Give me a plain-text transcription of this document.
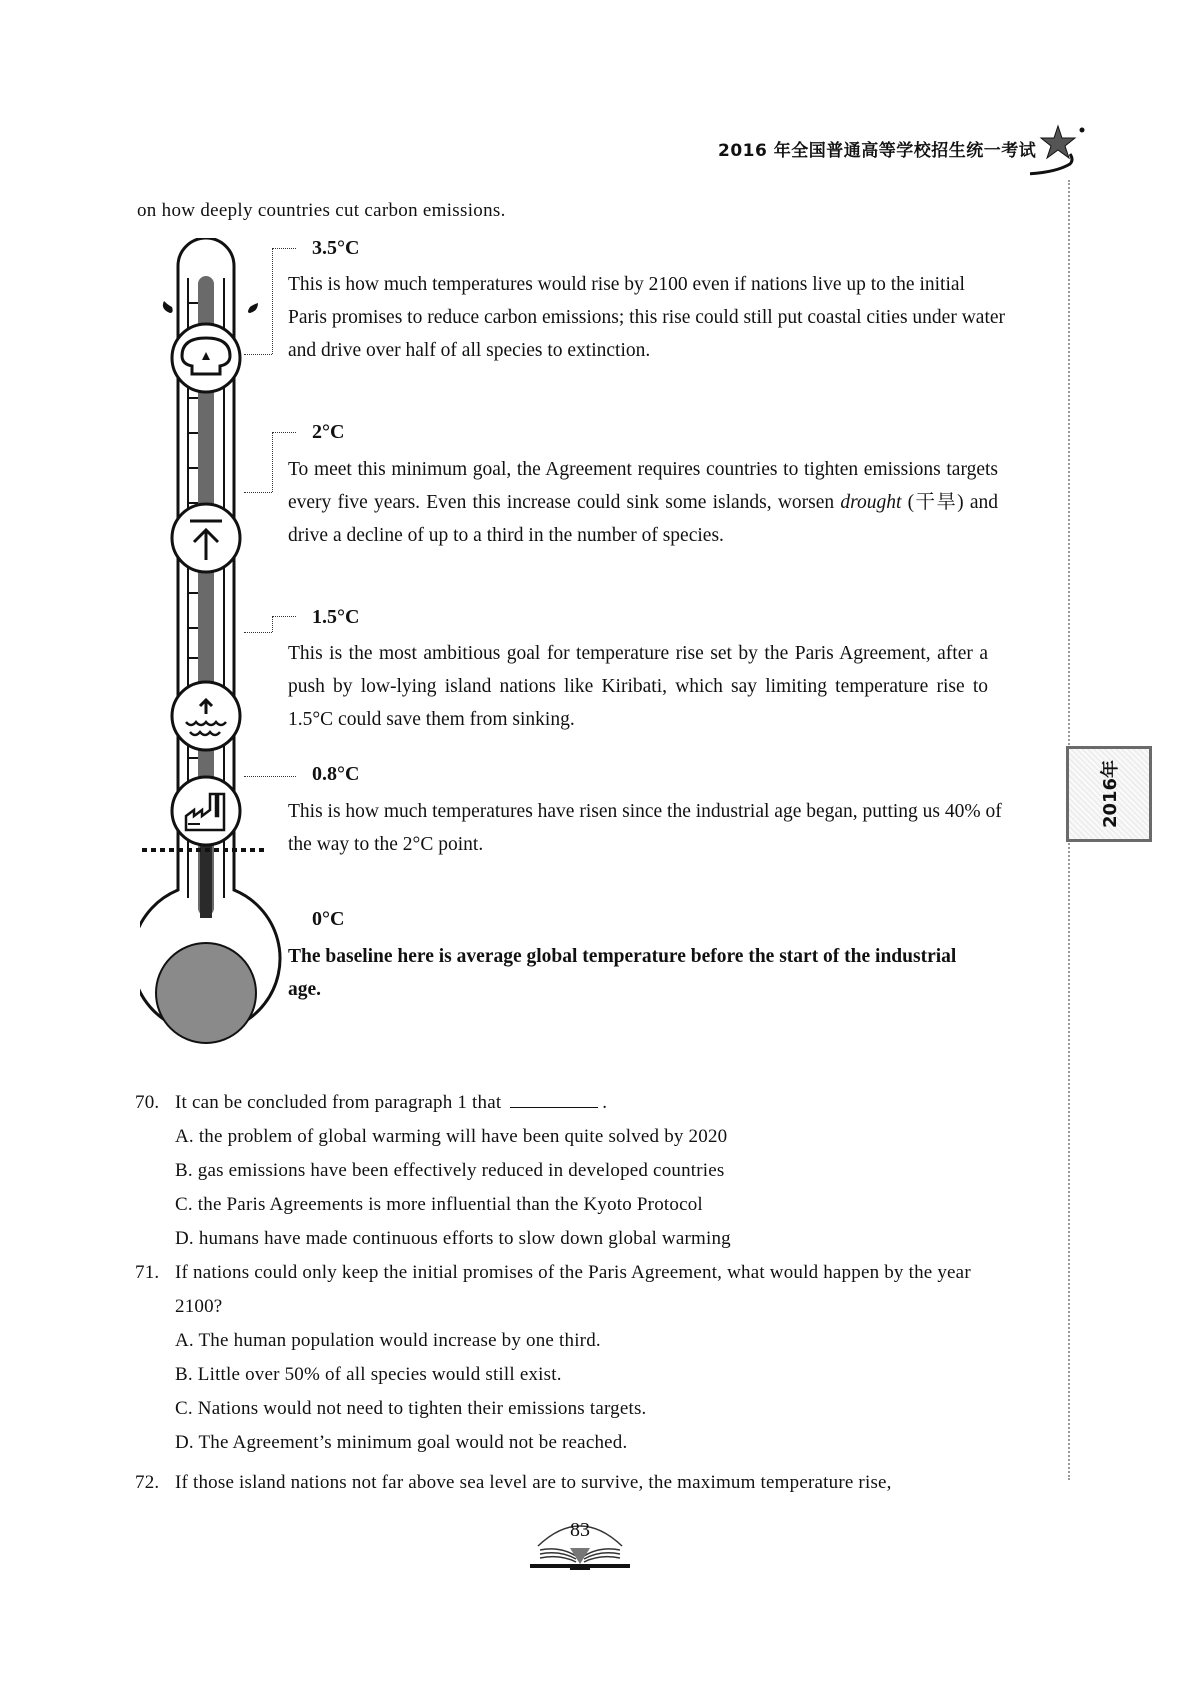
2016 年全国普通高等学校招生统一考试
2016年
on how deeply countries cut carbon emissions.
3.5°C
This is how much temperatures would rise by 2100 even if nations live up to the initial Paris promises to reduce carbon emissions; this rise could still put coastal cities under water and drive over half of all species to extinction.
2°C
To meet this minimum goal, the Agreement requires countries to tighten emissions targets every five years. Even this increase could sink some islands, worsen drought (干旱) and drive a decline of up to a third in the number of species.
1.5°C
This is the most ambitious goal for temperature rise set by the Paris Agreement, after a push by low-lying island nations like Kiribati, which say limiting temperature rise to 1.5°C could save them from sinking.
0.8°C
This is how much temperatures have risen since the industrial age began, putting us 40% of the way to the 2°C point.
0°C
The baseline here is average global temperature before the start of the industrial age.
70. It can be concluded from paragraph 1 that	.
A. the problem of global warming will have been quite solved by 2020
B. gas emissions have been effectively reduced in developed countries
C. the Paris Agreements is more influential than the Kyoto Protocol
D. humans have made continuous efforts to slow down global warming
71. If nations could only keep the initial promises of the Paris Agreement, what would happen by the year 2100?
A. The human population would increase by one third.
B. Little over 50% of all species would still exist.
C. Nations would not need to tighten their emissions targets.
D. The Agreement’s minimum goal would not be reached.
72. If those island nations not far above sea level are to survive, the maximum temperature rise,
83
